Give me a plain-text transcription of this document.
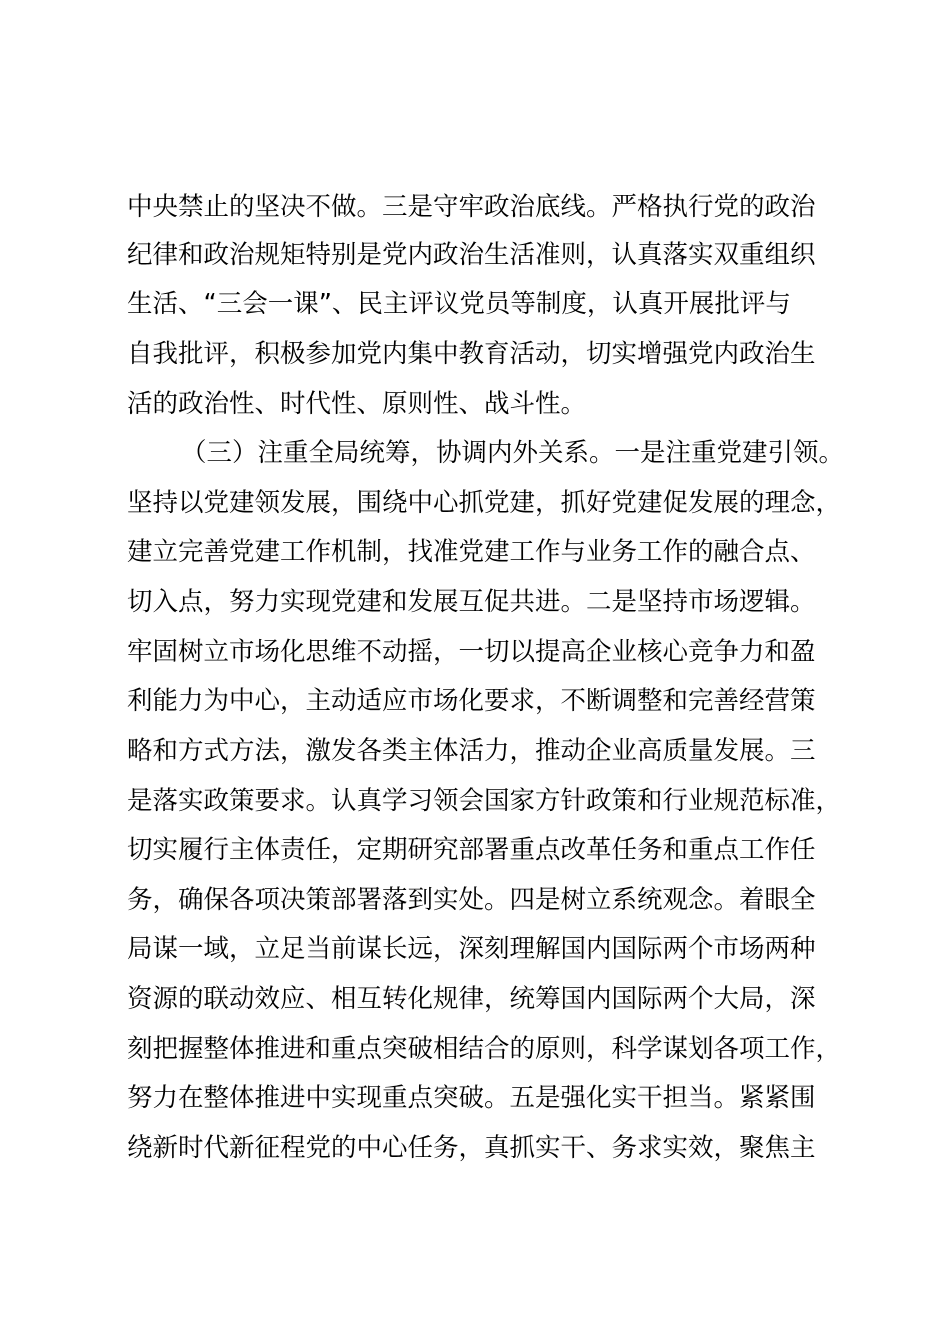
中央禁止的坚决不做。三是守牢政治底线。严格执行党的政治
纪律和政治规矩特别是党内政治生活准则，认真落实双重组织
生活、“三会一课”、民主评议党员等制度，认真开展批评与
自我批评，积极参加党内集中教育活动，切实增强党内政治生
活的政治性、时代性、原则性、战斗性。
（三）注重全局统筹，协调内外关系。一是注重党建引领。
坚持以党建领发展，围绕中心抓党建，抓好党建促发展的理念，
建立完善党建工作机制，找准党建工作与业务工作的融合点、
切入点，努力实现党建和发展互促共进。二是坚持市场逻辑。
牢固树立市场化思维不动摇，一切以提高企业核心竞争力和盈
利能力为中心，主动适应市场化要求，不断调整和完善经营策
略和方式方法，激发各类主体活力，推动企业高质量发展。三
是落实政策要求。认真学习领会国家方针政策和行业规范标准，
切实履行主体责任，定期研究部署重点改革任务和重点工作任
务，确保各项决策部署落到实处。四是树立系统观念。着眼全
局谋一域，立足当前谋长远，深刻理解国内国际两个市场两种
资源的联动效应、相互转化规律，统筹国内国际两个大局，深
刻把握整体推进和重点突破相结合的原则，科学谋划各项工作，
努力在整体推进中实现重点突破。五是强化实干担当。紧紧围
绕新时代新征程党的中心任务，真抓实干、务求实效，聚焦主
